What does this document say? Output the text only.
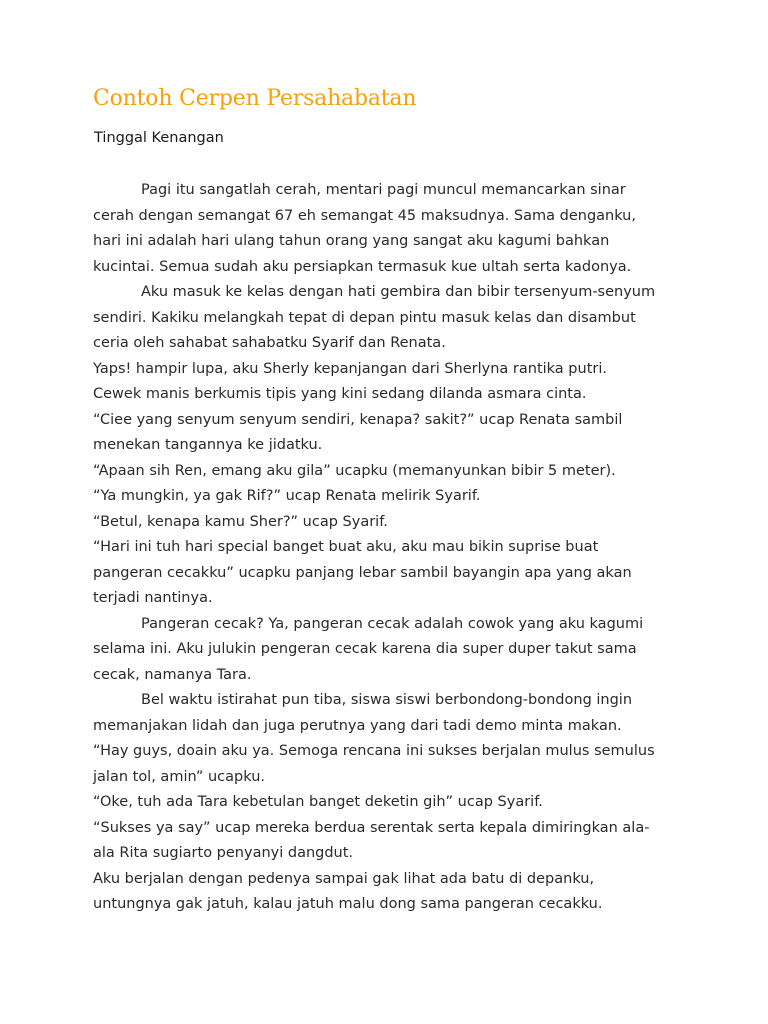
Contoh Cerpen Persahabatan
Tinggal Kenangan
Pagi itu sangatlah cerah, mentari pagi muncul memancarkan sinar
cerah dengan semangat 67 eh semangat 45 maksudnya. Sama denganku,
hari ini adalah hari ulang tahun orang yang sangat aku kagumi bahkan
kucintai. Semua sudah aku persiapkan termasuk kue ultah serta kadonya.
Aku masuk ke kelas dengan hati gembira dan bibir tersenyum-senyum
sendiri. Kakiku melangkah tepat di depan pintu masuk kelas dan disambut
ceria oleh sahabat sahabatku Syarif dan Renata.
Yaps! hampir lupa, aku Sherly kepanjangan dari Sherlyna rantika putri.
Cewek manis berkumis tipis yang kini sedang dilanda asmara cinta.
“Ciee yang senyum senyum sendiri, kenapa? sakit?” ucap Renata sambil
menekan tangannya ke jidatku.
“Apaan sih Ren, emang aku gila” ucapku (memanyunkan bibir 5 meter).
“Ya mungkin, ya gak Rif?” ucap Renata melirik Syarif.
“Betul, kenapa kamu Sher?” ucap Syarif.
“Hari ini tuh hari special banget buat aku, aku mau bikin suprise buat
pangeran cecakku” ucapku panjang lebar sambil bayangin apa yang akan
terjadi nantinya.
Pangeran cecak? Ya, pangeran cecak adalah cowok yang aku kagumi
selama ini. Aku julukin pengeran cecak karena dia super duper takut sama
cecak, namanya Tara.
Bel waktu istirahat pun tiba, siswa siswi berbondong-bondong ingin
memanjakan lidah dan juga perutnya yang dari tadi demo minta makan.
“Hay guys, doain aku ya. Semoga rencana ini sukses berjalan mulus semulus
jalan tol, amin” ucapku.
“Oke, tuh ada Tara kebetulan banget deketin gih” ucap Syarif.
“Sukses ya say” ucap mereka berdua serentak serta kepala dimiringkan ala-
ala Rita sugiarto penyanyi dangdut.
Aku berjalan dengan pedenya sampai gak lihat ada batu di depanku,
untungnya gak jatuh, kalau jatuh malu dong sama pangeran cecakku.
